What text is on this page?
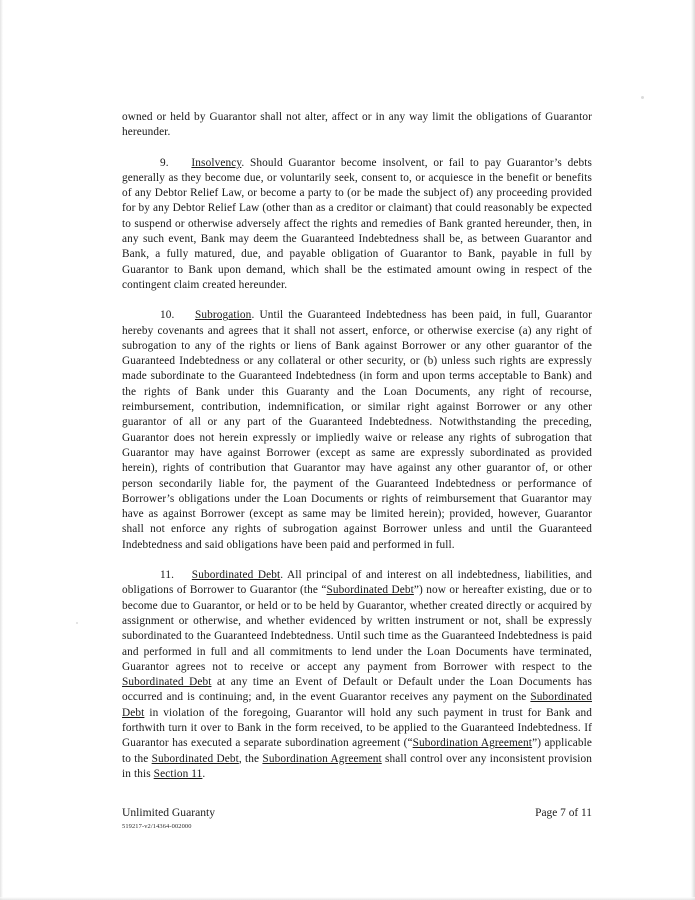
owned or held by Guarantor shall not alter, affect or in any way limit the obligations of Guarantor hereunder.

9. Insolvency. Should Guarantor become insolvent, or fail to pay Guarantor’s debts generally as they become due, or voluntarily seek, consent to, or acquiesce in the benefit or benefits of any Debtor Relief Law, or become a party to (or be made the subject of) any proceeding provided for by any Debtor Relief Law (other than as a creditor or claimant) that could reasonably be expected to suspend or otherwise adversely affect the rights and remedies of Bank granted hereunder, then, in any such event, Bank may deem the Guaranteed Indebtedness shall be, as between Guarantor and Bank, a fully matured, due, and payable obligation of Guarantor to Bank, payable in full by Guarantor to Bank upon demand, which shall be the estimated amount owing in respect of the contingent claim created hereunder.

10. Subrogation. Until the Guaranteed Indebtedness has been paid, in full, Guarantor hereby covenants and agrees that it shall not assert, enforce, or otherwise exercise (a) any right of subrogation to any of the rights or liens of Bank against Borrower or any other guarantor of the Guaranteed Indebtedness or any collateral or other security, or (b) unless such rights are expressly made subordinate to the Guaranteed Indebtedness (in form and upon terms acceptable to Bank) and the rights of Bank under this Guaranty and the Loan Documents, any right of recourse, reimbursement, contribution, indemnification, or similar right against Borrower or any other guarantor of all or any part of the Guaranteed Indebtedness. Notwithstanding the preceding, Guarantor does not herein expressly or impliedly waive or release any rights of subrogation that Guarantor may have against Borrower (except as same are expressly subordinated as provided herein), rights of contribution that Guarantor may have against any other guarantor of, or other person secondarily liable for, the payment of the Guaranteed Indebtedness or performance of Borrower’s obligations under the Loan Documents or rights of reimbursement that Guarantor may have as against Borrower (except as same may be limited herein); provided, however, Guarantor shall not enforce any rights of subrogation against Borrower unless and until the Guaranteed Indebtedness and said obligations have been paid and performed in full.

11. Subordinated Debt. All principal of and interest on all indebtedness, liabilities, and obligations of Borrower to Guarantor (the “Subordinated Debt”) now or hereafter existing, due or to become due to Guarantor, or held or to be held by Guarantor, whether created directly or acquired by assignment or otherwise, and whether evidenced by written instrument or not, shall be expressly subordinated to the Guaranteed Indebtedness. Until such time as the Guaranteed Indebtedness is paid and performed in full and all commitments to lend under the Loan Documents have terminated, Guarantor agrees not to receive or accept any payment from Borrower with respect to the Subordinated Debt at any time an Event of Default or Default under the Loan Documents has occurred and is continuing; and, in the event Guarantor receives any payment on the Subordinated Debt in violation of the foregoing, Guarantor will hold any such payment in trust for Bank and forthwith turn it over to Bank in the form received, to be applied to the Guaranteed Indebtedness. If Guarantor has executed a separate subordination agreement (“Subordination Agreement”) applicable to the Subordinated Debt, the Subordination Agreement shall control over any inconsistent provision in this Section 11.

Unlimited Guaranty
519217-v2/14364-002000
Page 7 of 11
